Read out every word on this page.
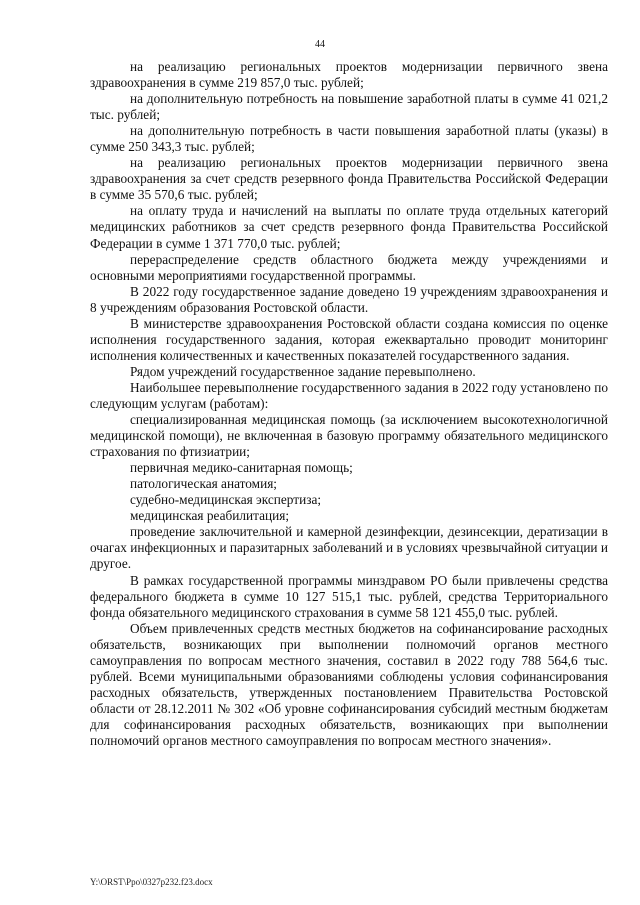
44

на реализацию региональных проектов модернизации первичного звена здравоохранения в сумме 219 857,0 тыс. рублей;

на дополнительную потребность на повышение заработной платы в сумме 41 021,2 тыс. рублей;

на дополнительную потребность в части повышения заработной платы (указы) в сумме 250 343,3 тыс. рублей;

на реализацию региональных проектов модернизации первичного звена здравоохранения за счет средств резервного фонда Правительства Российской Федерации в сумме 35 570,6 тыс. рублей;

на оплату труда и начислений на выплаты по оплате труда отдельных категорий медицинских работников за счет средств резервного фонда Правительства Российской Федерации в сумме 1 371 770,0 тыс. рублей;

перераспределение средств областного бюджета между учреждениями и основными мероприятиями государственной программы.

В 2022 году государственное задание доведено 19 учреждениям здравоохранения и 8 учреждениям образования Ростовской области.

В министерстве здравоохранения Ростовской области создана комиссия по оценке исполнения государственного задания, которая ежеквартально проводит мониторинг исполнения количественных и качественных показателей государственного задания.

Рядом учреждений государственное задание перевыполнено.

Наибольшее перевыполнение государственного задания в 2022 году установлено по следующим услугам (работам):

специализированная медицинская помощь (за исключением высокотехнологичной медицинской помощи), не включенная в базовую программу обязательного медицинского страхования по фтизиатрии;

первичная медико-санитарная помощь;

патологическая анатомия;

судебно-медицинская экспертиза;

медицинская реабилитация;

проведение заключительной и камерной дезинфекции, дезинсекции, дератизации в очагах инфекционных и паразитарных заболеваний и в условиях чрезвычайной ситуации и другое.

В рамках государственной программы минздравом РО были привлечены средства федерального бюджета в сумме 10 127 515,1 тыс. рублей, средства Территориального фонда обязательного медицинского страхования в сумме 58 121 455,0 тыс. рублей.

Объем привлеченных средств местных бюджетов на софинансирование расходных обязательств, возникающих при выполнении полномочий органов местного самоуправления по вопросам местного значения, составил в 2022 году 788 564,6 тыс. рублей. Всеми муниципальными образованиями соблюдены условия софинансирования расходных обязательств, утвержденных постановлением Правительства Ростовской области от 28.12.2011 № 302 «Об уровне софинансирования субсидий местным бюджетам для софинансирования расходных обязательств, возникающих при выполнении полномочий органов местного самоуправления по вопросам местного значения».

Y:\ORST\Ppo\0327p232.f23.docx
